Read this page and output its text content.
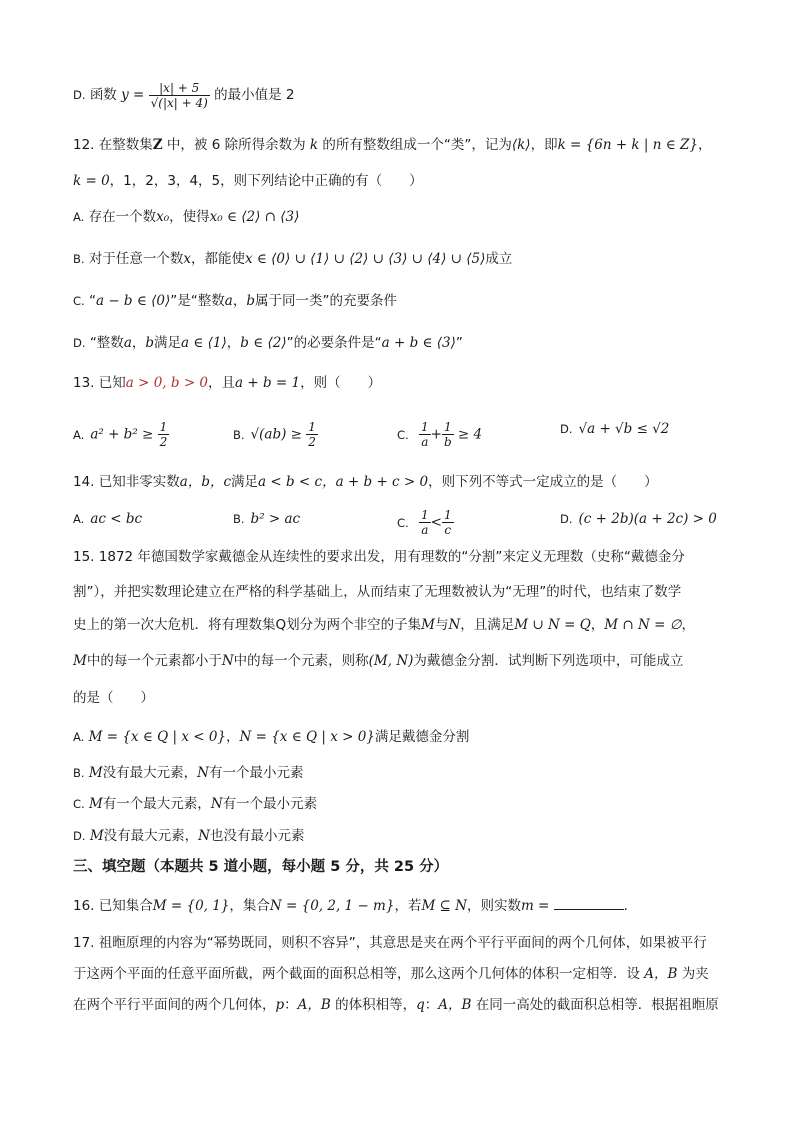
D. 函数 $y = \frac{|x| + 5}{√(|x| + 4)}$ 的最小值是 2
12. 在整数集Z 中，被 6 除所得余数为 k 的所有整数组成一个“类”，记为⟨k⟩，即k = {6n + k | n ∈ Z}，
k = 0，1，2，3，4，5，则下列结论中正确的有（　　）
A. 存在一个数x₀，使得x₀ ∈ ⟨2⟩ ∩ ⟨3⟩
B. 对于任意一个数x，都能使x ∈ ⟨0⟩ ∪ ⟨1⟩ ∪ ⟨2⟩ ∪ ⟨3⟩ ∪ ⟨4⟩ ∪ ⟨5⟩成立
C. “a − b ∈ ⟨0⟩”是“整数a，b属于同一类”的充要条件
D. “整数a，b满足a ∈ ⟨1⟩，b ∈ ⟨2⟩”的必要条件是“a + b ∈ ⟨3⟩”
13. 已知a > 0, b > 0，且a + b = 1，则（　　）
A. $a^2 + b^2 \ge \frac{1}{2}$	B. $√(ab) \ge \frac{1}{2}$	C. $\frac{1}{a} + \frac{1}{b} \ge 4$	D. √a + √b ≤ √2
14. 已知非零实数a，b，c满足a < b < c，a + b + c > 0，则下列不等式一定成立的是（　　）
A. ac < bc	B. b² > ac	C. $\frac{1}{a} < \frac{1}{c}$	D. (c + 2b)(a + 2c) > 0
15. 1872 年德国数学家戴德金从连续性的要求出发，用有理数的“分割”来定义无理数（史称“戴德金分
割”），并把实数理论建立在严格的科学基础上，从而结束了无理数被认为“无理”的时代，也结束了数学
史上的第一次大危机．将有理数集Q划分为两个非空的子集M与N，且满足M ∪ N = Q，M ∩ N = ∅，
M中的每一个元素都小于N中的每一个元素，则称(M, N)为戴德金分割．试判断下列选项中，可能成立
的是（　　）
A. M = {x ∈ Q | x < 0}，N = {x ∈ Q | x > 0}满足戴德金分割
B. M没有最大元素，N有一个最小元素
C. M有一个最大元素，N有一个最小元素
D. M没有最大元素，N也没有最小元素
三、填空题（本题共 5 道小题，每小题 5 分，共 25 分）
16. 已知集合M = {0, 1}，集合N = {0, 2, 1 − m}，若M ⊆ N，则实数m =	．
17. 祖暅原理的内容为“幂势既同，则积不容异”，其意思是夹在两个平行平面间的两个几何体，如果被平行
于这两个平面的任意平面所截，两个截面的面积总相等，那么这两个几何体的体积一定相等．设 A，B 为夹
在两个平行平面间的两个几何体，p：A，B 的体积相等，q：A，B 在同一高处的截面积总相等．根据祖暅原
